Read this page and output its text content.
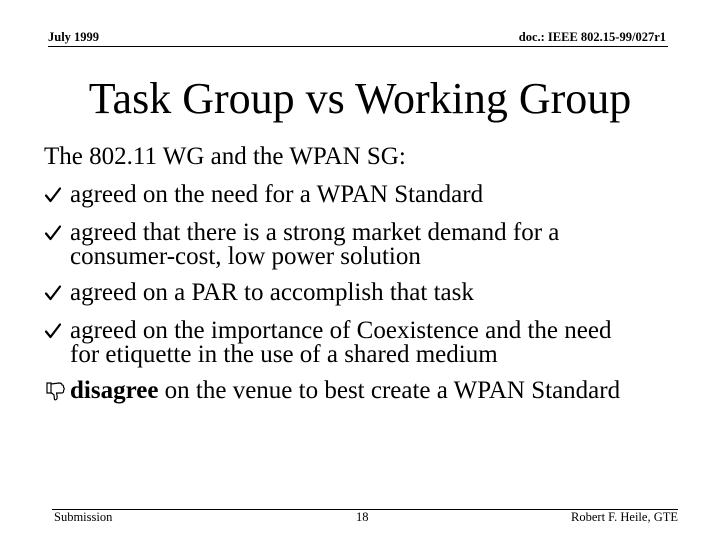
July 1999	doc.: IEEE 802.15-99/027r1
Task Group vs Working Group
The 802.11 WG and the WPAN SG:
agreed on the need for a WPAN Standard
agreed that there is a strong market demand for a
consumer-cost, low power solution
agreed on a PAR to accomplish that task
agreed on the importance of Coexistence and the need
for etiquette in the use of a shared medium
disagree on the venue to best create a WPAN Standard
Submission	18	Robert F. Heile, GTE
